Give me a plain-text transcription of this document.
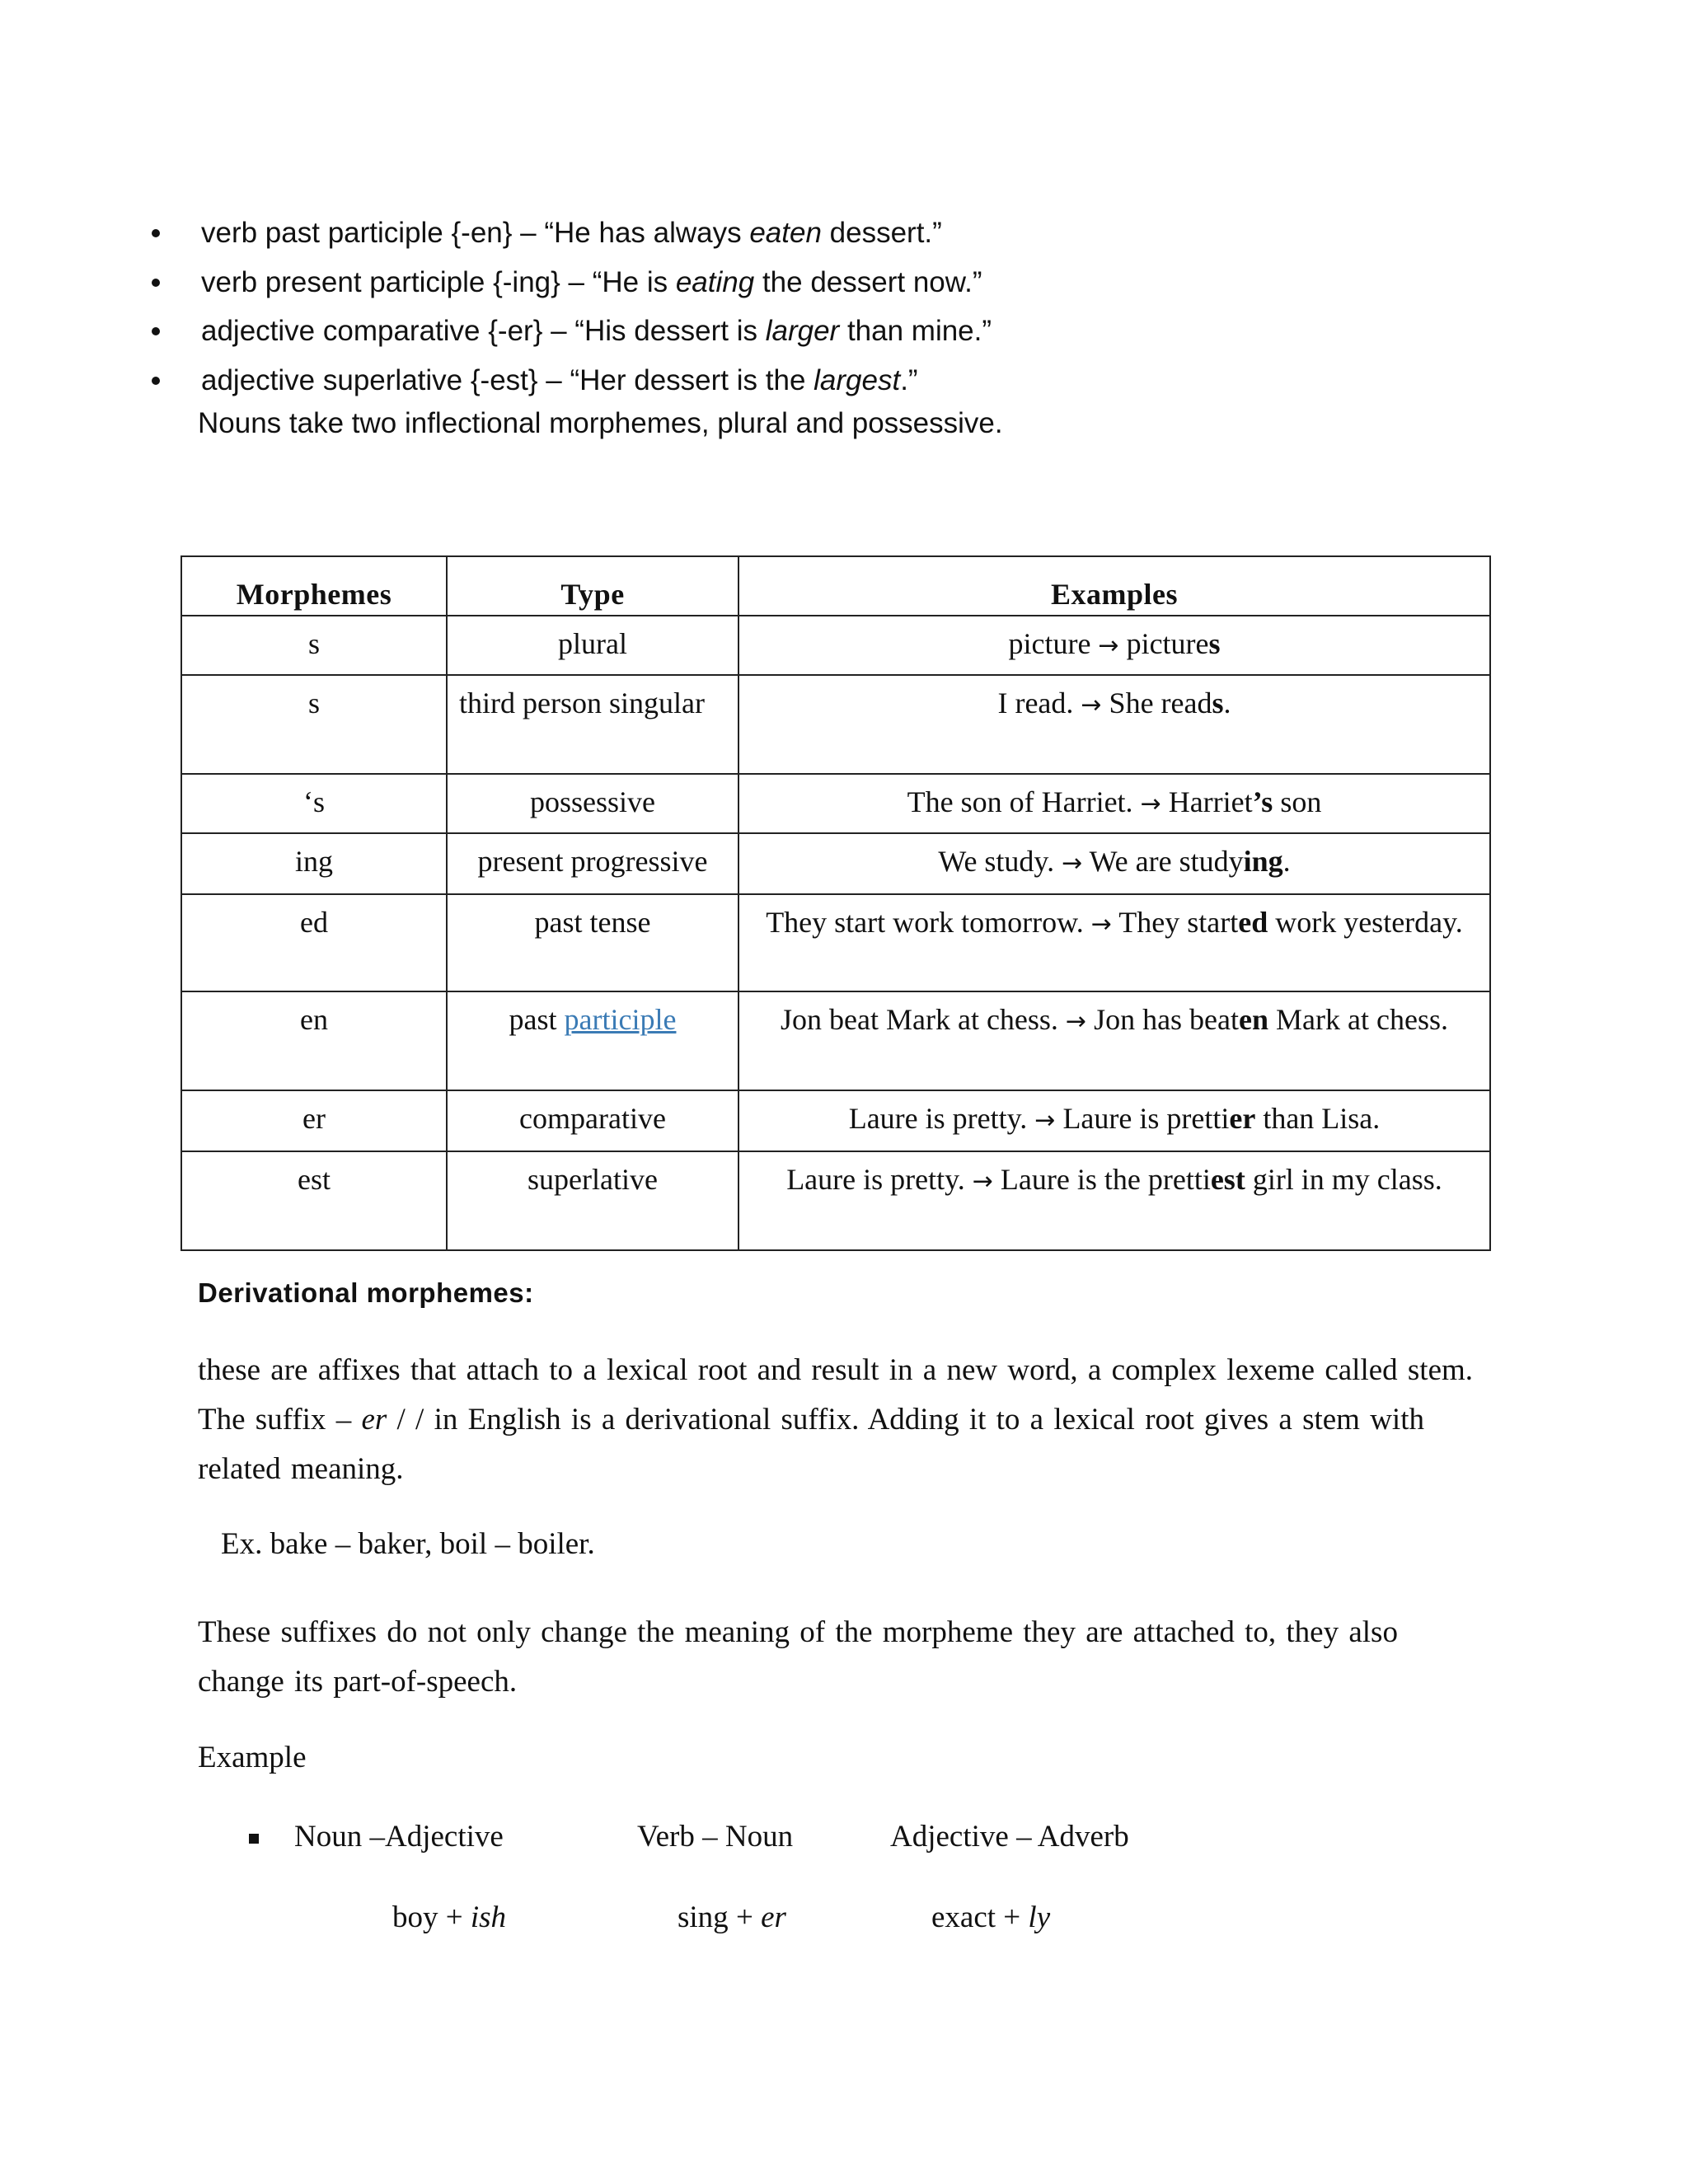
verb past participle {-en} – “He has always eaten dessert.”
verb present participle {-ing} – “He is eating the dessert now.”
adjective comparative {-er} – “His dessert is larger than mine.”
adjective superlative {-est} – “Her dessert is the largest.”
Nouns take two inflectional morphemes, plural and possessive.
Morphemes	Type	Examples
s	plural	picture → pictures
s	third person singular	I read. → She reads.
‘s	possessive	The son of Harriet. → Harriet’s son
ing	present progressive	We study. → We are studying.
ed	past tense	They start work tomorrow. → They started work yesterday.
en	past participle	Jon beat Mark at chess. → Jon has beaten Mark at chess.
er	comparative	Laure is pretty. → Laure is prettier than Lisa.
est	superlative	Laure is pretty. → Laure is the prettiest girl in my class.
Derivational morphemes:
these are affixes that attach to a lexical root and result in a new word, a complex lexeme called stem. The suffix – er / / in English is a derivational suffix. Adding it to a lexical root gives a stem with related meaning.
Ex. bake – baker, boil – boiler.
These suffixes do not only change the meaning of the morpheme they are attached to, they also change its part-of-speech.
Example
Noun –Adjective	Verb – Noun	Adjective – Adverb
boy + ish	sing + er	exact + ly
